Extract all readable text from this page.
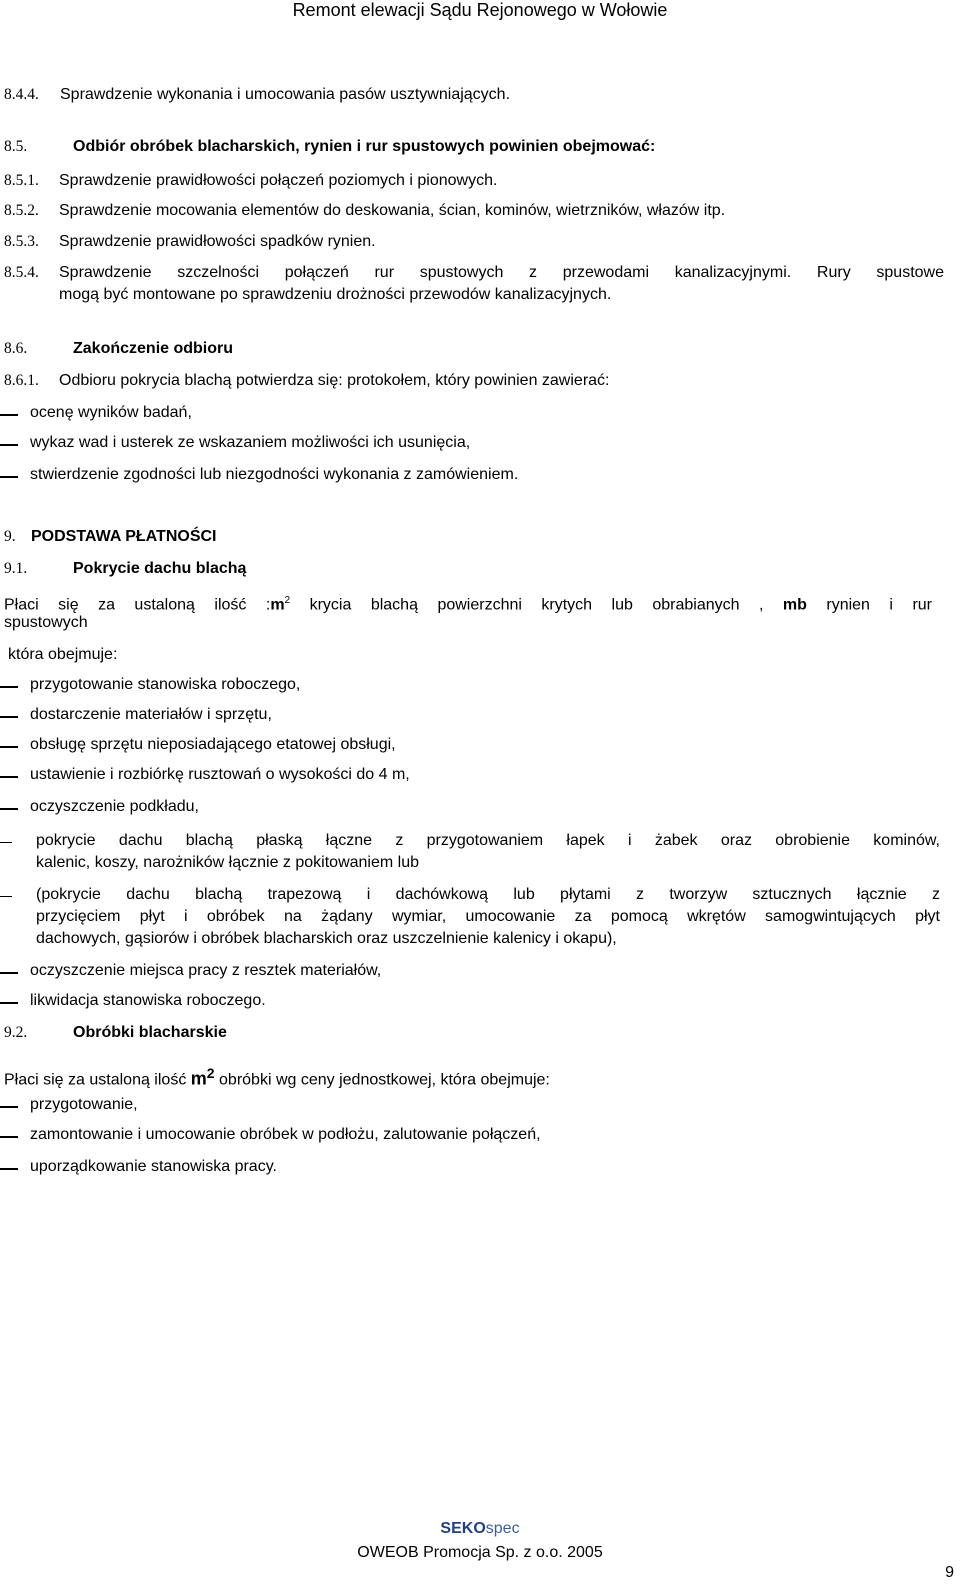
Remont elewacji Sądu Rejonowego w Wołowie
8.4.4. Sprawdzenie wykonania i umocowania pasów usztywniających.
8.5.	Odbiór obróbek blacharskich, rynien i rur spustowych powinien obejmować:
8.5.1. Sprawdzenie prawidłowości połączeń poziomych i pionowych.
8.5.2. Sprawdzenie mocowania elementów do deskowania, ścian, kominów, wietrzników, włazów itp.
8.5.3. Sprawdzenie prawidłowości spadków rynien.
8.5.4. Sprawdzenie szczelności połączeń rur spustowych z przewodami kanalizacyjnymi. Rury spustowe
mogą być montowane po sprawdzeniu drożności przewodów kanalizacyjnych.
8.6.	Zakończenie odbioru
8.6.1. Odbioru pokrycia blachą potwierdza się: protokołem, który powinien zawierać:
ocenę wyników badań,
wykaz wad i usterek ze wskazaniem możliwości ich usunięcia,
stwierdzenie zgodności lub niezgodności wykonania z zamówieniem.
9. PODSTAWA PŁATNOŚCI
9.1.	Pokrycie dachu blachą
Płaci się za ustaloną ilość $:m^2$ krycia blachą powierzchni krytych lub obrabianych , mb rynien i rur
spustowych
która obejmuje:
przygotowanie stanowiska roboczego,
dostarczenie materiałów i sprzętu,
obsługę sprzętu nieposiadającego etatowej obsługi,
ustawienie i rozbiórkę rusztowań o wysokości do 4 m,
oczyszczenie podkładu,
pokrycie dachu blachą płaską łączne z przygotowaniem łapek i żabek oraz obrobienie kominów,
kalenic, koszy, narożników łącznie z pokitowaniem lub
(pokrycie dachu blachą trapezową i dachówkową lub płytami z tworzyw sztucznych łącznie z
przycięciem płyt i obróbek na żądany wymiar, umocowanie za pomocą wkrętów samogwintujących płyt
dachowych, gąsiorów i obróbek blacharskich oraz uszczelnienie kalenicy i okapu),
oczyszczenie miejsca pracy z resztek materiałów,
likwidacja stanowiska roboczego.
9.2.	Obróbki blacharskie
Płaci się za ustaloną ilość $m^2$ obróbki wg ceny jednostkowej, która obejmuje:
przygotowanie,
zamontowanie i umocowanie obróbek w podłożu, zalutowanie połączeń,
uporządkowanie stanowiska pracy.
SEKOspec
OWEOB Promocja Sp. z o.o. 2005
9
